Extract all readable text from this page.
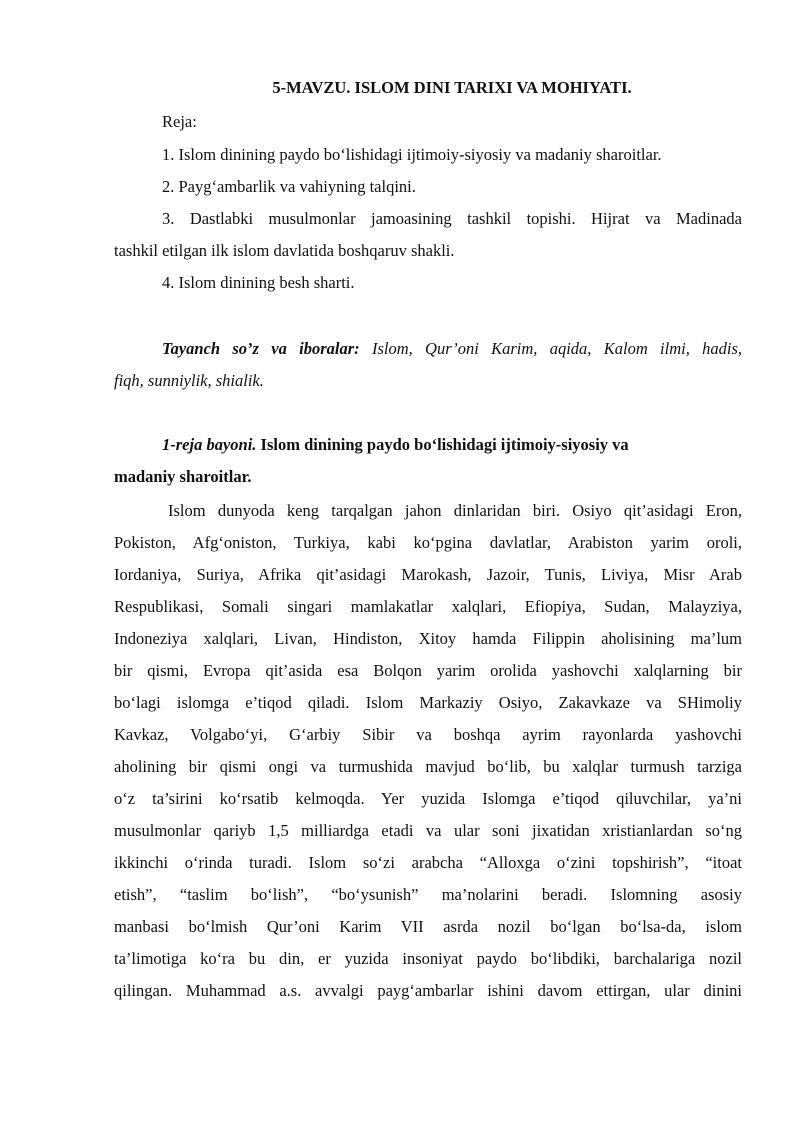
5-MAVZU. ISLOM DINI TARIXI VA MOHIYATI.
Reja:
1. Islom dinining paydo bo‘lishidagi ijtimoiy-siyosiy va madaniy sharoitlar.
2. Payg‘ambarlik va vahiyning talqini.
3. Dastlabki musulmonlar jamoasining tashkil topishi. Hijrat va Madinada
tashkil etilgan ilk islom davlatida boshqaruv shakli.
4. Islom dinining besh sharti.
Tayanch so’z va iboralar: Islom, Qur’oni Karim, aqida, Kalom ilmi, hadis,
fiqh, sunniylik, shialik.
1-reja bayoni. Islom dinining paydo bo‘lishidagi ijtimoiy-siyosiy va
madaniy sharoitlar.
Islom dunyoda keng tarqalgan jahon dinlaridan biri. Osiyo qit’asidagi Eron,
Pokiston, Afg‘oniston, Turkiya, kabi ko‘pgina davlatlar, Arabiston yarim oroli,
Iordaniya, Suriya, Afrika qit’asidagi Marokash, Jazoir, Tunis, Liviya, Misr Arab
Respublikasi, Somali singari mamlakatlar xalqlari, Efiopiya, Sudan, Malayziya,
Indoneziya xalqlari, Livan, Hindiston, Xitoy hamda Filippin aholisining ma’lum
bir qismi, Evropa qit’asida esa Bolqon yarim orolida yashovchi xalqlarning bir
bo‘lagi islomga e’tiqod qiladi. Islom Markaziy Osiyo, Zakavkaze va SHimoliy
Kavkaz, Volgabo‘yi, G‘arbiy Sibir va boshqa ayrim rayonlarda yashovchi
aholining bir qismi ongi va turmushida mavjud bo‘lib, bu xalqlar turmush tarziga
o‘z ta’sirini ko‘rsatib kelmoqda. Yer yuzida Islomga e’tiqod qiluvchilar, ya’ni
musulmonlar qariyb 1,5 milliardga etadi va ular soni jixatidan xristianlardan so‘ng
ikkinchi o‘rinda turadi. Islom so‘zi arabcha “Alloxga o‘zini topshirish”, “itoat
etish”, “taslim bo‘lish”, “bo‘ysunish” ma’nolarini beradi. Islomning asosiy
manbasi bo‘lmish Qur’oni Karim VII asrda nozil bo‘lgan bo‘lsa-da, islom
ta’limotiga ko‘ra bu din, er yuzida insoniyat paydo bo‘libdiki, barchalariga nozil
qilingan. Muhammad a.s. avvalgi payg‘ambarlar ishini davom ettirgan, ular dinini
